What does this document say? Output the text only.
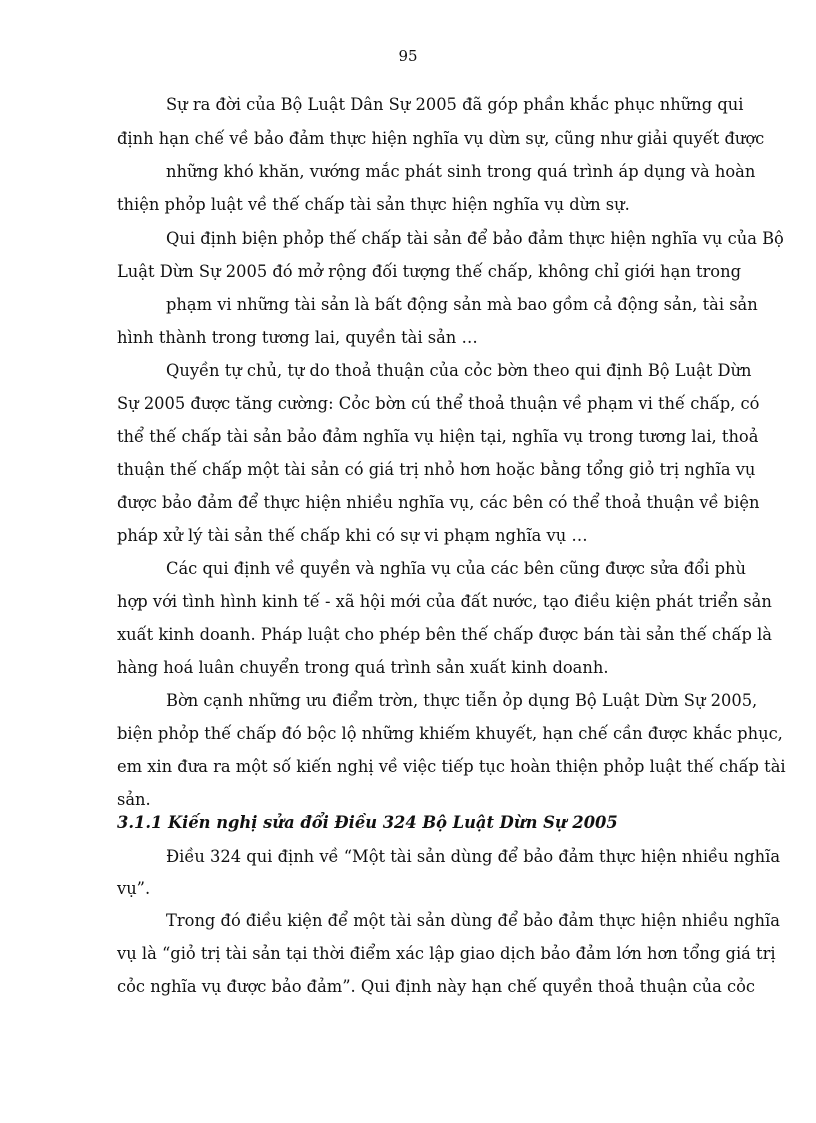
95
Sự ra đời của Bộ Luật Dân Sự 2005 đã góp phần khắc phục những qui
định hạn chế về bảo đảm thực hiện nghĩa vụ dừn sự, cũng như giải quyết được
những khó khăn, vướng mắc phát sinh trong quá trình áp dụng và hoàn
thiện phỏp luật về thế chấp tài sản thực hiện nghĩa vụ dừn sự.
Qui định biện phỏp thế chấp tài sản để bảo đảm thực hiện nghĩa vụ của Bộ
Luật Dừn Sự 2005 đó mở rộng đối tượng thế chấp, không chỉ giới hạn trong
phạm vi những tài sản là bất động sản mà bao gồm cả động sản, tài sản
hình thành trong tương lai, quyền tài sản …
Quyền tự chủ, tự do thoả thuận của cỏc bờn theo qui định Bộ Luật Dừn
Sự 2005 được tăng cường: Cỏc bờn cú thể thoả thuận về phạm vi thế chấp, có
thể thế chấp tài sản bảo đảm nghĩa vụ hiện tại, nghĩa vụ trong tương lai, thoả
thuận thế chấp một tài sản có giá trị nhỏ hơn hoặc bằng tổng giỏ trị nghĩa vụ
được bảo đảm để thực hiện nhiều nghĩa vụ, các bên có thể thoả thuận về biện
pháp xử lý tài sản thế chấp khi có sự vi phạm nghĩa vụ …
Các qui định về quyền và nghĩa vụ của các bên cũng được sửa đổi phù
hợp với tình hình kinh tế - xã hội mới của đất nước, tạo điều kiện phát triển sản
xuất kinh doanh. Pháp luật cho phép bên thế chấp được bán tài sản thế chấp là
hàng hoá luân chuyển trong quá trình sản xuất kinh doanh.
Bờn cạnh những ưu điểm trờn, thực tiễn ỏp dụng Bộ Luật Dừn Sự 2005,
biện phỏp thế chấp đó bộc lộ những khiếm khuyết, hạn chế cần được khắc phục,
em xin đưa ra một số kiến nghị về việc tiếp tục hoàn thiện phỏp luật thế chấp tài
sản.
3.1.1 Kiến nghị sửa đổi Điều 324 Bộ Luật Dừn Sự 2005
Điều 324 qui định về “Một tài sản dùng để bảo đảm thực hiện nhiều nghĩa
vụ”.
Trong đó điều kiện để một tài sản dùng để bảo đảm thực hiện nhiều nghĩa
vụ là “giỏ trị tài sản tại thời điểm xác lập giao dịch bảo đảm lớn hơn tổng giá trị
cỏc nghĩa vụ được bảo đảm”. Qui định này hạn chế quyền thoả thuận của cỏc
